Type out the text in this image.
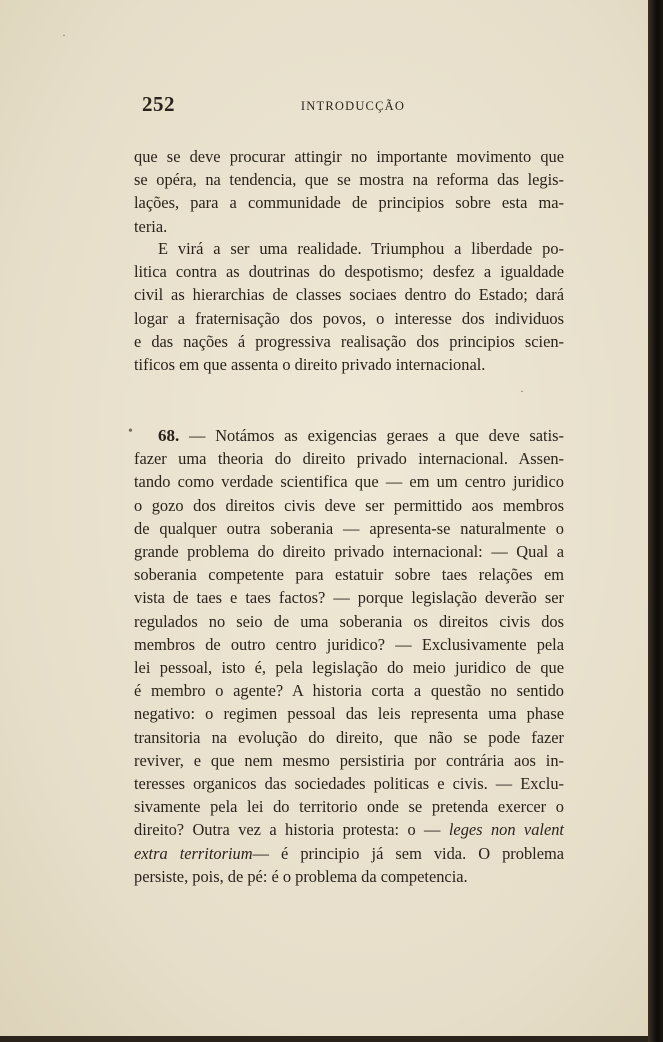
252	INTRODUCÇÃO
que se deve procurar attingir no importante movimento que
se opéra, na tendencia, que se mostra na reforma das legis-
lações, para a communidade de principios sobre esta ma-
teria.
E virá a ser uma realidade. Triumphou a liberdade po-
litica contra as doutrinas do despotismo; desfez a igualdade
civil as hierarchias de classes sociaes dentro do Estado; dará
logar a fraternisação dos povos, o interesse dos individuos
e das nações á progressiva realisação dos principios scien-
tificos em que assenta o direito privado internacional.
68. — Notámos as exigencias geraes a que deve satis-
fazer uma theoria do direito privado internacional. Assen-
tando como verdade scientifica que — em um centro juridico
o gozo dos direitos civis deve ser permittido aos membros
de qualquer outra soberania — apresenta-se naturalmente o
grande problema do direito privado internacional: — Qual a
soberania competente para estatuir sobre taes relações em
vista de taes e taes factos? — porque legislação deverão ser
regulados no seio de uma soberania os direitos civis dos
membros de outro centro juridico? — Exclusivamente pela
lei pessoal, isto é, pela legislação do meio juridico de que
é membro o agente? A historia corta a questão no sentido
negativo: o regimen pessoal das leis representa uma phase
transitoria na evolução do direito, que não se pode fazer
reviver, e que nem mesmo persistiria por contrária aos in-
teresses organicos das sociedades politicas e civis. — Exclu-
sivamente pela lei do territorio onde se pretenda exercer o
direito? Outra vez a historia protesta: o — leges non valent
extra territorium— é principio já sem vida. O problema
persiste, pois, de pé: é o problema da competencia.
·
•
·
